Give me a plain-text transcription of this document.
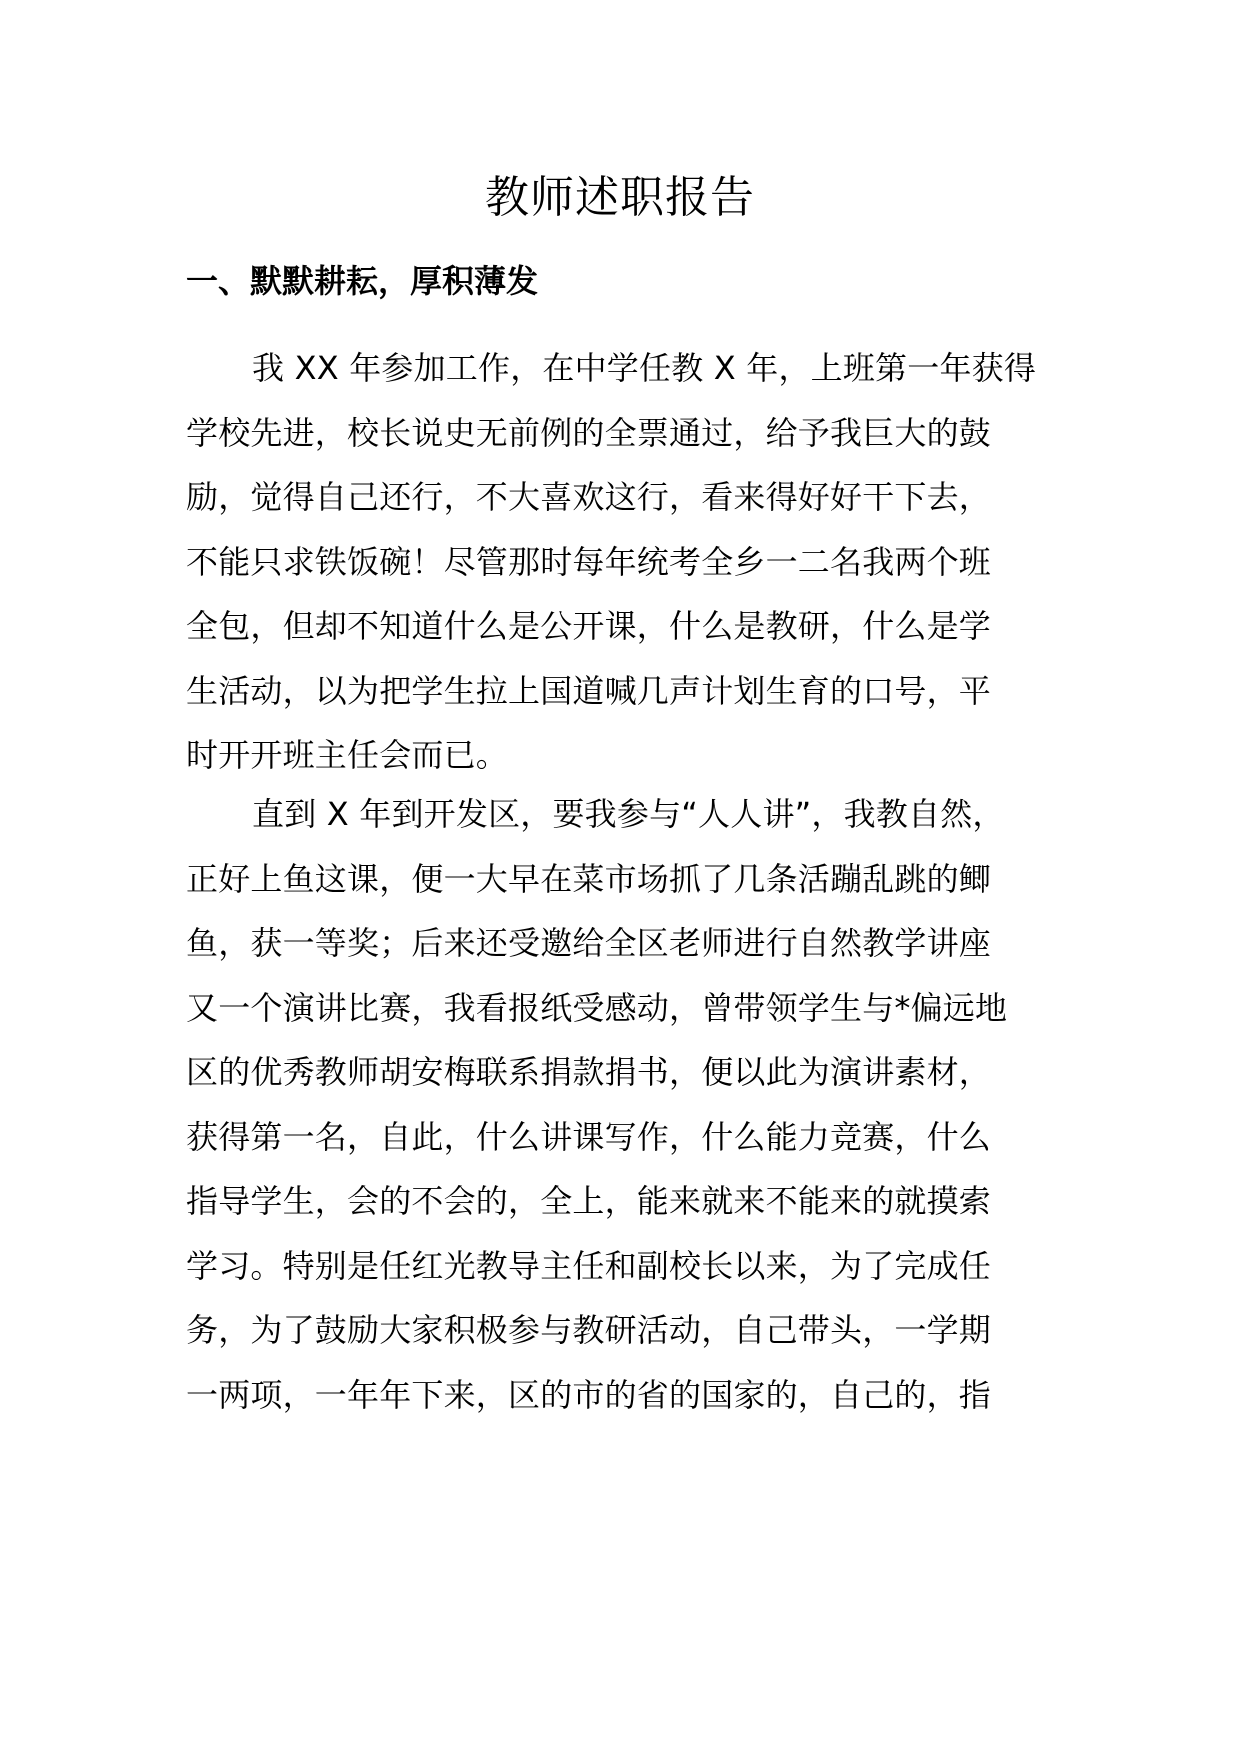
教师述职报告
一、默默耕耘，厚积薄发

我 XX 年参加工作，在中学任教 X 年，上班第一年获得
学校先进，校长说史无前例的全票通过，给予我巨大的鼓
励，觉得自己还行，不大喜欢这行，看来得好好干下去，
不能只求铁饭碗！尽管那时每年统考全乡一二名我两个班
全包，但却不知道什么是公开课，什么是教研，什么是学
生活动，以为把学生拉上国道喊几声计划生育的口号，平
时开开班主任会而已。

直到 X 年到开发区，要我参与“人人讲”，我教自然，
正好上鱼这课，便一大早在菜市场抓了几条活蹦乱跳的鲫
鱼，获一等奖；后来还受邀给全区老师进行自然教学讲座
又一个演讲比赛，我看报纸受感动，曾带领学生与*偏远地
区的优秀教师胡安梅联系捐款捐书，便以此为演讲素材，
获得第一名，自此，什么讲课写作，什么能力竞赛，什么
指导学生，会的不会的，全上，能来就来不能来的就摸索
学习。特别是任红光教导主任和副校长以来，为了完成任
务，为了鼓励大家积极参与教研活动，自己带头，一学期
一两项，一年年下来，区的市的省的国家的，自己的，指
